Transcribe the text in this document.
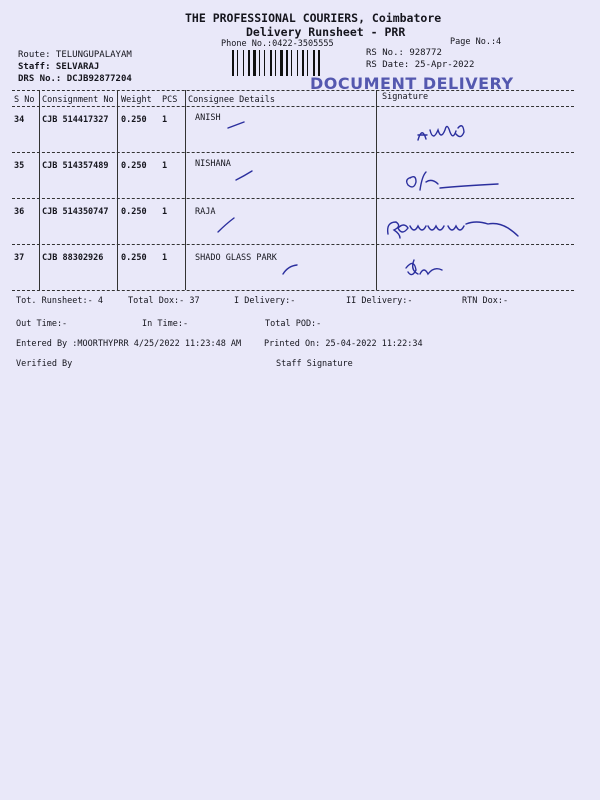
THE PROFESSIONAL COURIERS, Coimbatore
Delivery Runsheet - PRR
Phone No.:0422-3505555	Page No.:4
Route: TELUNGUPALAYAM
Staff: SELVARAJ
DRS No.: DCJB92877204
RS No.: 928772
RS Date: 25-Apr-2022
DOCUMENT DELIVERY
S No Consignment No Weight PCS Consignee Details	Signature
34 CJB 514417327 0.250 1	ANISH
35 CJB 514357489 0.250 1	NISHANA
36 CJB 514350747 0.250 1	RAJA
37 CJB 88302926 0.250 1	SHADO GLASS PARK
Tot. Runsheet:- 4	Total Dox:- 37	I Delivery:-	II Delivery:-	RTN Dox:-
Out Time:-	In Time:-	Total POD:-
Entered By :MOORTHYPRR 4/25/2022 11:23:48 AM	Printed On: 25-04-2022 11:22:34
Verified By	Staff Signature
